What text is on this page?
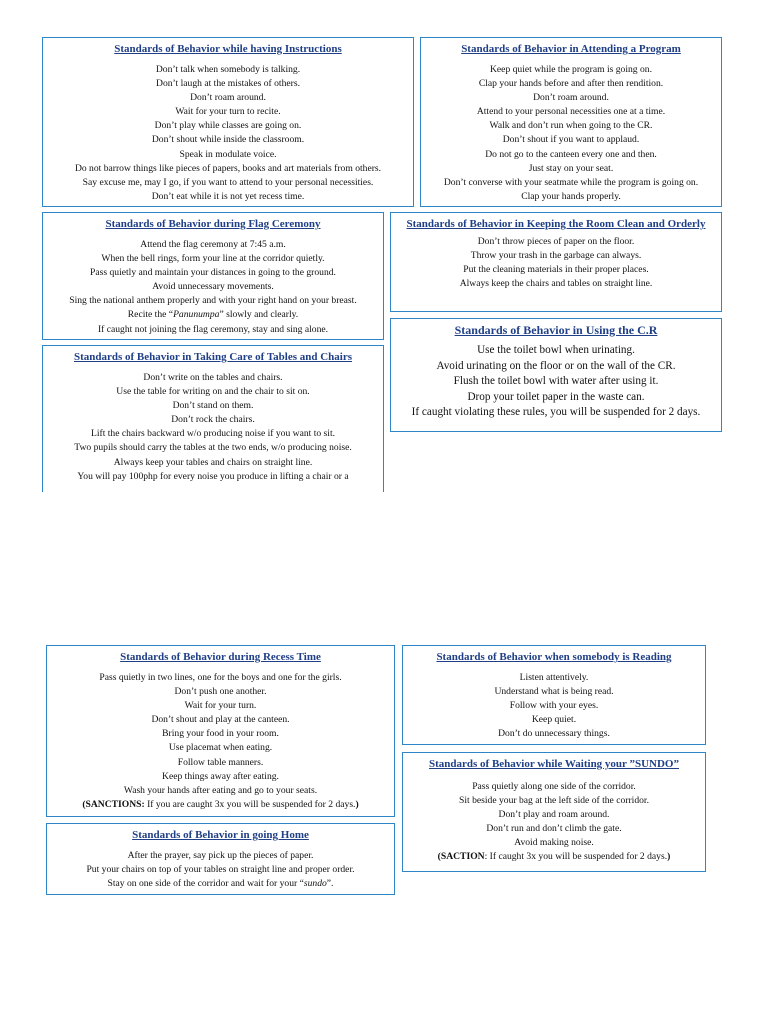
Standards of Behavior while having Instructions

Don’t talk when somebody is talking.

Don’t laugh at the mistakes of others.

Don’t roam around.

Wait for your turn to recite.

Don’t play while classes are going on.

Don’t shout while inside the classroom.

Speak in modulate voice.

Do not barrow things like pieces of papers, books and art materials from others.

Say excuse me, may I go, if you want to attend to your personal necessities.

Don’t eat while it is not yet recess time.

Standards of Behavior in Attending a Program

Keep quiet while the program is going on.

Clap your hands before and after then rendition.

Don’t roam around.

Attend to your personal necessities one at a time.

Walk and don’t run when going to the CR.

Don’t shout if you want to applaud.

Do not go to the canteen every one and then.

Just stay on your seat.

Don’t converse with your seatmate while the program is going on.

Clap your hands properly.

Standards of Behavior during Flag Ceremony

Attend the flag ceremony at 7:45 a.m.

When the bell rings, form your line at the corridor quietly.

Pass quietly and maintain your distances in going to the ground.

Avoid unnecessary movements.

Sing the national anthem properly and with your right hand on your breast.

Recite the “Panunumpa” slowly and clearly.

If caught not joining the flag ceremony, stay and sing alone.

Standards of Behavior in Keeping the Room Clean and Orderly

Don’t throw pieces of paper on the floor.

Throw your trash in the garbage can always.

Put the cleaning materials in their proper places.

Always keep the chairs and tables on straight line.

Standards of Behavior in Using the C.R

Use the toilet bowl when urinating.

Avoid urinating on the floor or on the wall of the CR.

Flush the toilet bowl with water after using it.

Drop your toilet paper in the waste can.

If caught violating these rules, you will be suspended for 2 days.

Standards of Behavior in Taking Care of Tables and Chairs

Don’t write on the tables and chairs.

Use the table for writing on and the chair to sit on.

Don’t stand on them.

Don’t rock the chairs.

Lift the chairs backward w/o producing noise if you want to sit.

Two pupils should carry the tables at the two ends, w/o producing noise.

Always keep your tables and chairs on straight line.

You will pay 100php for every noise you produce in lifting a chair or a

Standards of Behavior during Recess Time

Pass quietly in two lines, one for the boys and one for the girls.

Don’t push one another.

Wait for your turn.

Don’t shout and play at the canteen.

Bring your food in your room.

Use placemat when eating.

Follow table manners.

Keep things away after eating.

Wash your hands after eating and go to your seats.

(SANCTIONS: If you are caught 3x you will be suspended for 2 days.)

Standards of Behavior when somebody is Reading

Listen attentively.

Understand what is being read.

Follow with your eyes.

Keep quiet.

Don’t do unnecessary things.

Standards of Behavior while Waiting your ”SUNDO”

Pass quietly along one side of the corridor.

Sit beside your bag at the left side of the corridor.

Don’t play and roam around.

Don’t run and don’t climb the gate.

Avoid making noise.

(SACTION: If caught 3x you will be suspended for 2 days.)

Standards of Behavior in going Home

After the prayer, say pick up the pieces of paper.

Put your chairs on top of your tables on straight line and proper order.

Stay on one side of the corridor and wait for your “sundo”.
